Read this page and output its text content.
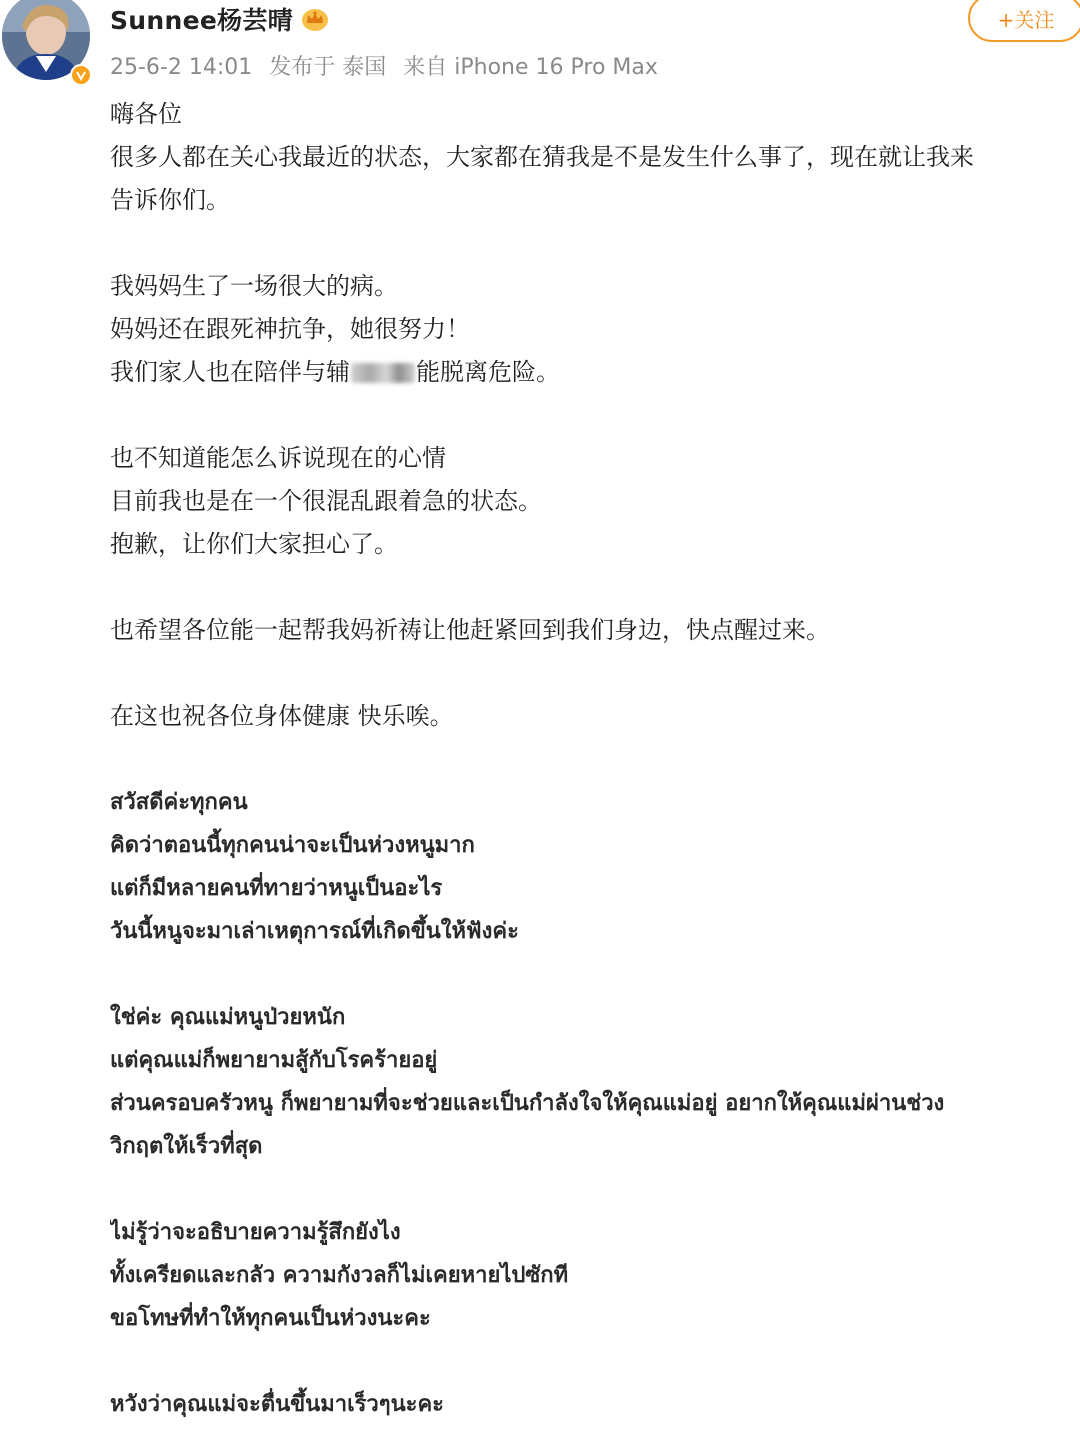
Sunnee杨芸晴
25-6-2 14:01 发布于 泰国 来自 iPhone 16 Pro Max
+关注
嗨各位
很多人都在关心我最近的状态，大家都在猜我是不是发生什么事了，现在就让我来
告诉你们。
我妈妈生了一场很大的病。
妈妈还在跟死神抗争，她很努力！
我们家人也在陪伴与辅	能脱离危险。
也不知道能怎么诉说现在的心情
目前我也是在一个很混乱跟着急的状态。
抱歉，让你们大家担心了。
也希望各位能一起帮我妈祈祷让他赶紧回到我们身边，快点醒过来。
在这也祝各位身体健康 快乐唉。
สวัสดีค่ะทุกคน
คิดว่าตอนนี้ทุกคนน่าจะเป็นห่วงหนูมาก
แต่ก็มีหลายคนที่ทายว่าหนูเป็นอะไร
วันนี้หนูจะมาเล่าเหตุการณ์ที่เกิดขึ้นให้ฟังค่ะ
ใช่ค่ะ คุณแม่หนูป่วยหนัก
แต่คุณแม่ก็พยายามสู้กับโรคร้ายอยู่
ส่วนครอบครัวหนู ก็พยายามที่จะช่วยและเป็นกำลังใจให้คุณแม่อยู่ อยากให้คุณแม่ผ่านช่วง
วิกฤตให้เร็วที่สุด
ไม่รู้ว่าจะอธิบายความรู้สึกยังไง
ทั้งเครียดและกลัว ความกังวลก็ไม่เคยหายไปซักที
ขอโทษที่ทำให้ทุกคนเป็นห่วงนะคะ
หวังว่าคุณแม่จะตื่นขึ้นมาเร็วๆนะคะ
